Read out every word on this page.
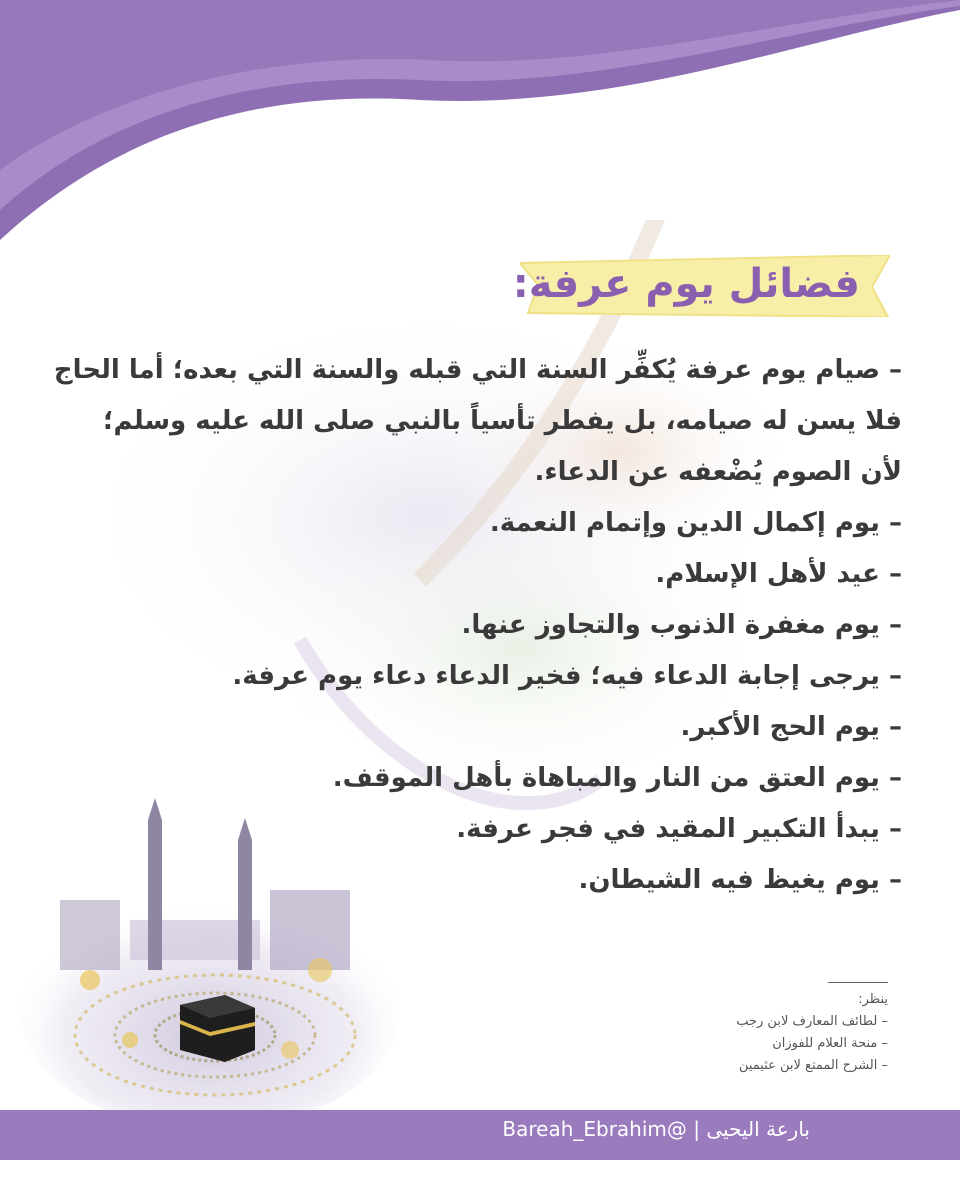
فضائل يوم عرفة:

– صيام يوم عرفة يُكفِّر السنة التي قبله والسنة التي بعده؛ أما الحاج

فلا يسن له صيامه، بل يفطر تأسياً بالنبي صلى الله عليه وسلم؛

لأن الصوم يُضْعفه عن الدعاء.

– يوم إكمال الدين وإتمام النعمة.

– عيد لأهل الإسلام.

– يوم مغفرة الذنوب والتجاوز عنها.

– يرجى إجابة الدعاء فيه؛ فخير الدعاء دعاء يوم عرفة.

– يوم الحج الأكبر.

– يوم العتق من النار والمباهاة بأهل الموقف.

– يبدأ التكبير المقيد في فجر عرفة.

– يوم يغيظ فيه الشيطان.

ينظر:
– لطائف المعارف لابن رجب
– منحة العلام للفوزان
– الشرح الممتع لابن عثيمين
بارعة اليحيى | @Bareah_Ebrahim
